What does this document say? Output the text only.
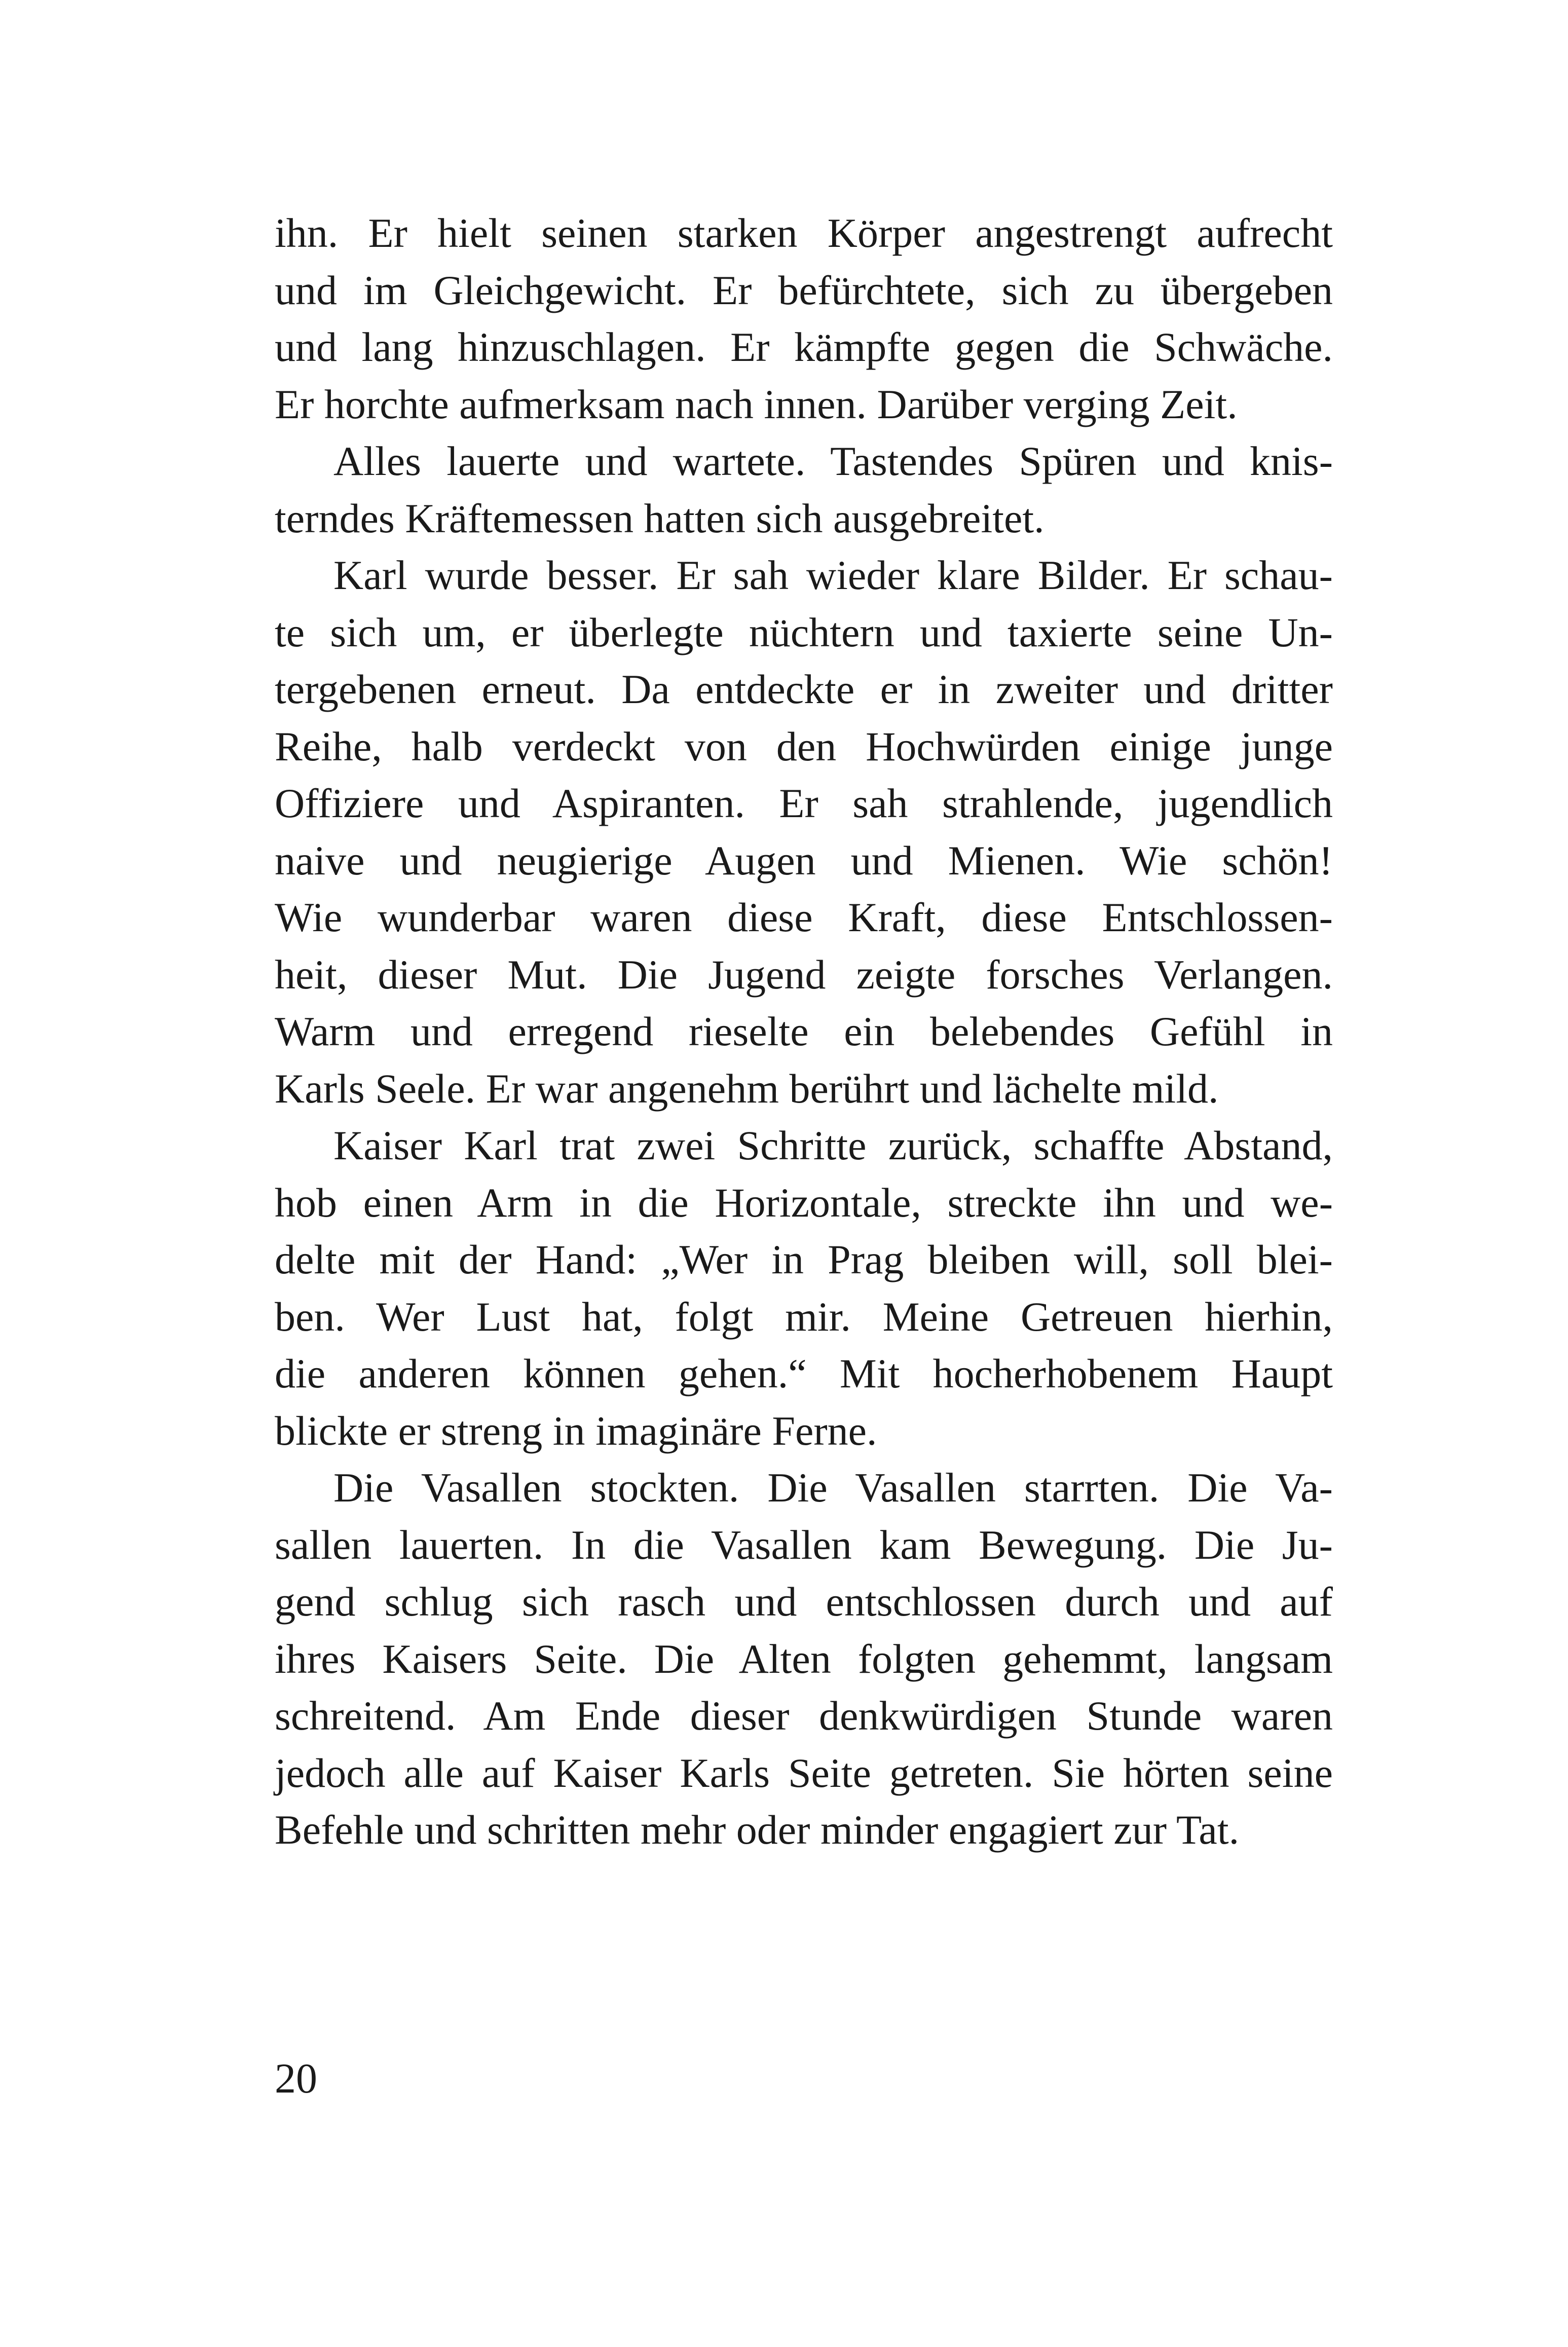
ihn. Er hielt seinen starken Körper angestrengt aufrecht
und im Gleichgewicht. Er befürchtete, sich zu übergeben
und lang hinzuschlagen. Er kämpfte gegen die Schwäche.
Er horchte aufmerksam nach innen. Darüber verging Zeit.
Alles lauerte und wartete. Tastendes Spüren und knis-
terndes Kräftemessen hatten sich ausgebreitet.
Karl wurde besser. Er sah wieder klare Bilder. Er schau-
te sich um, er überlegte nüchtern und taxierte seine Un-
tergebenen erneut. Da entdeckte er in zweiter und dritter
Reihe, halb verdeckt von den Hochwürden einige junge
Offiziere und Aspiranten. Er sah strahlende, jugendlich
naive und neugierige Augen und Mienen. Wie schön!
Wie wunderbar waren diese Kraft, diese Entschlossen-
heit, dieser Mut. Die Jugend zeigte forsches Verlangen.
Warm und erregend rieselte ein belebendes Gefühl in
Karls Seele. Er war angenehm berührt und lächelte mild.
Kaiser Karl trat zwei Schritte zurück, schaffte Abstand,
hob einen Arm in die Horizontale, streckte ihn und we-
delte mit der Hand: „Wer in Prag bleiben will, soll blei-
ben. Wer Lust hat, folgt mir. Meine Getreuen hierhin,
die anderen können gehen.“ Mit hocherhobenem Haupt
blickte er streng in imaginäre Ferne.
Die Vasallen stockten. Die Vasallen starrten. Die Va-
sallen lauerten. In die Vasallen kam Bewegung. Die Ju-
gend schlug sich rasch und entschlossen durch und auf
ihres Kaisers Seite. Die Alten folgten gehemmt, langsam
schreitend. Am Ende dieser denkwürdigen Stunde waren
jedoch alle auf Kaiser Karls Seite getreten. Sie hörten seine
Befehle und schritten mehr oder minder engagiert zur Tat.
20
